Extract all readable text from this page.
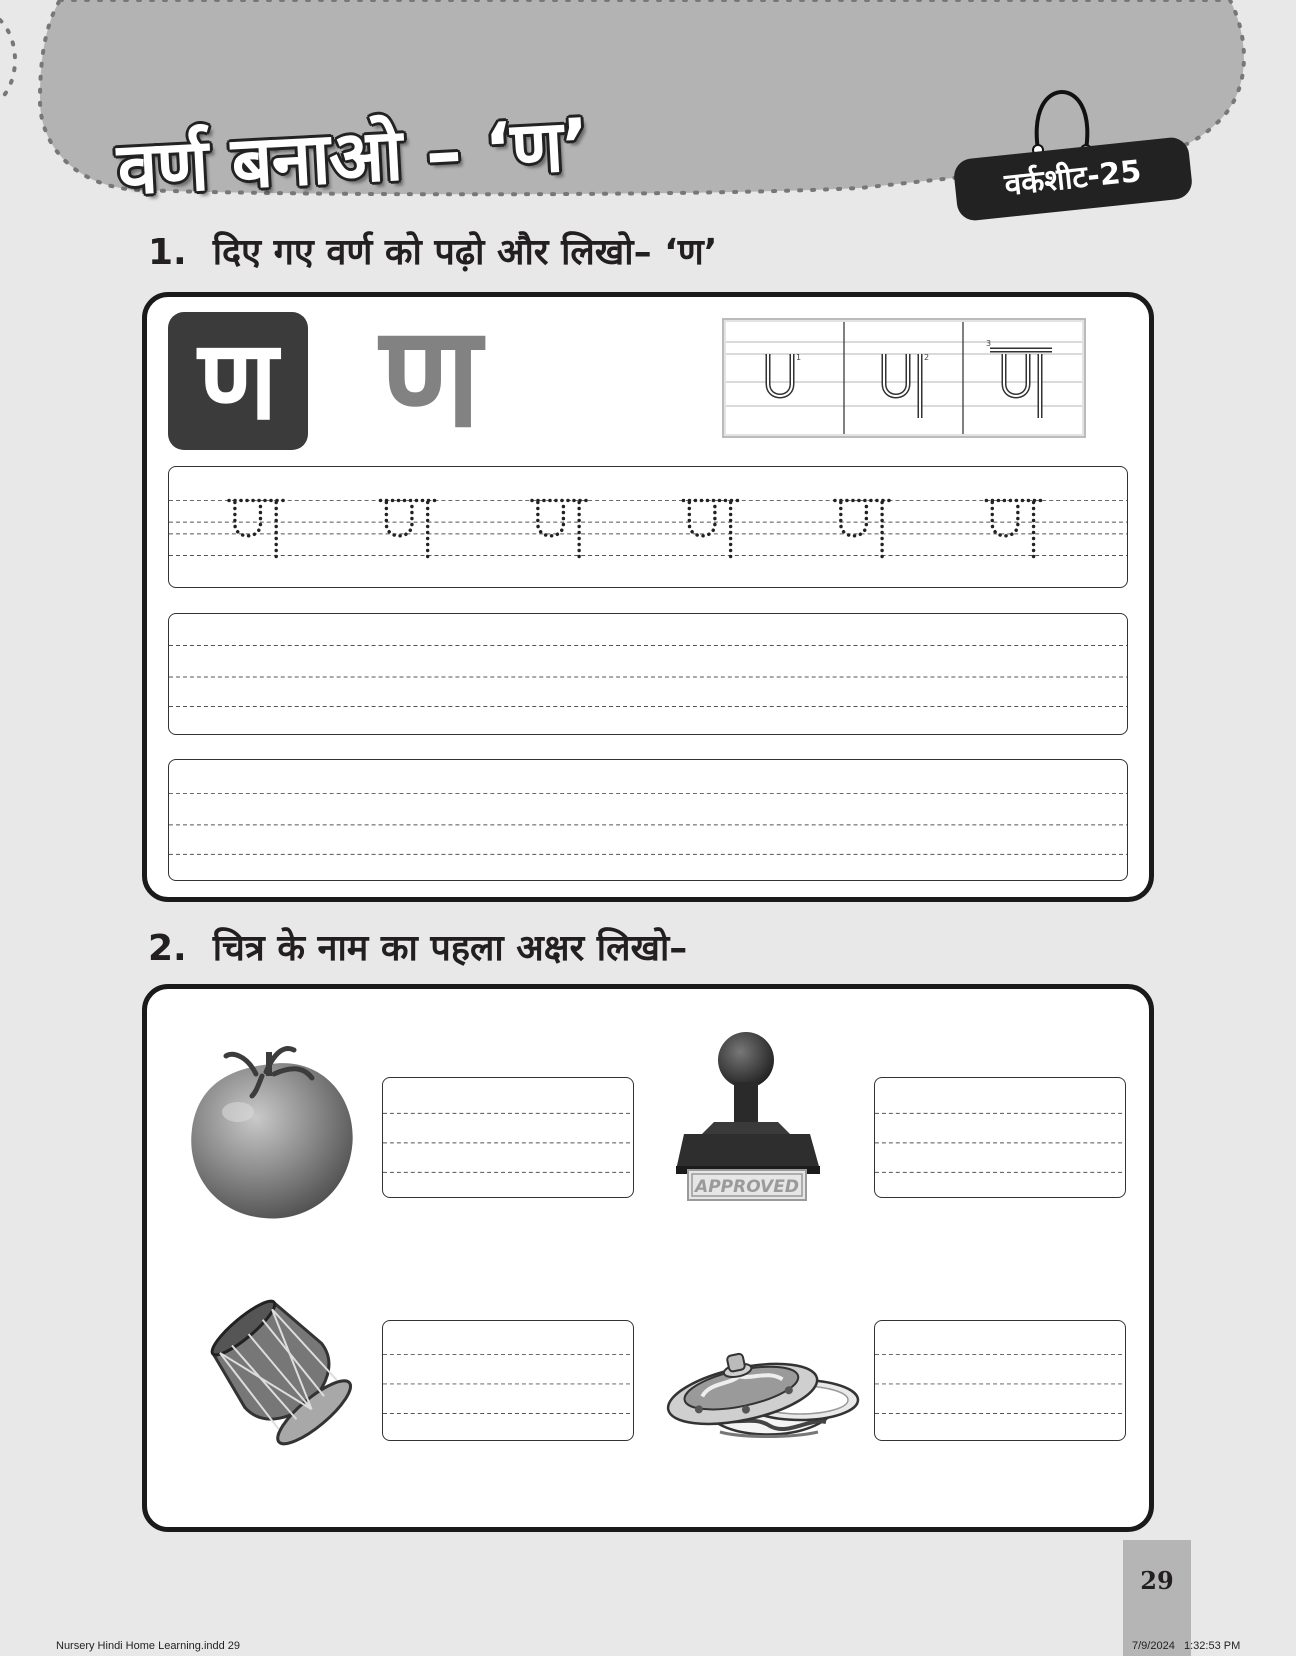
वर्ण बनाओ – ‘ण’	वर्कशीट-25
1. दिए गए वर्ण को पढ़ो और लिखो– ‘ण’
ण ण	1	2
3
2. चित्र के नाम का पहला अक्षर लिखो–
APPROVED
29
Nursery Hindi Home Learning.indd 29	7/9/2024   1:32:53 PM
